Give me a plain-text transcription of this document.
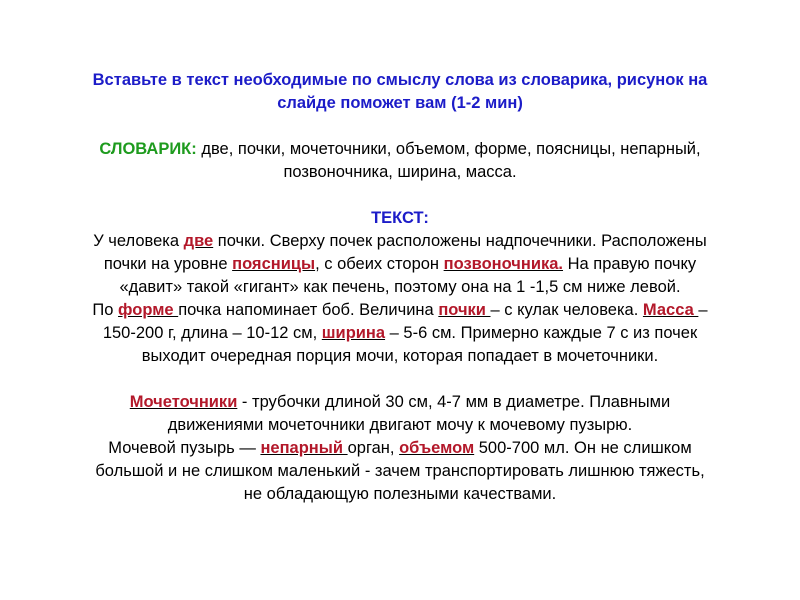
Вставьте в текст необходимые по смыслу слова из словарика, рисунок на
слайде поможет вам (1-2 мин)
СЛОВАРИК: две, почки, мочеточники, объемом, форме, поясницы, непарный,
позвоночника, ширина, масса.
ТЕКСТ:
У человека две почки. Сверху почек расположены надпочечники. Расположены
почки на уровне поясницы, с обеих сторон позвоночника. На правую почку
«давит» такой «гигант» как печень, поэтому она на 1 -1,5 см ниже левой.
По форме почка напоминает боб. Величина почки – с кулак человека. Масса –
150-200 г, длина – 10-12 см, ширина – 5-6 см. Примерно каждые 7 с из почек
выходит очередная порция мочи, которая попадает в мочеточники.
Мочеточники - трубочки длиной 30 см, 4-7 мм в диаметре. Плавными
движениями мочеточники двигают мочу к мочевому пузырю.
Мочевой пузырь — непарный орган, объемом 500-700 мл. Он не слишком
большой и не слишком маленький - зачем транспортировать лишнюю тяжесть,
не обладающую полезными качествами.
